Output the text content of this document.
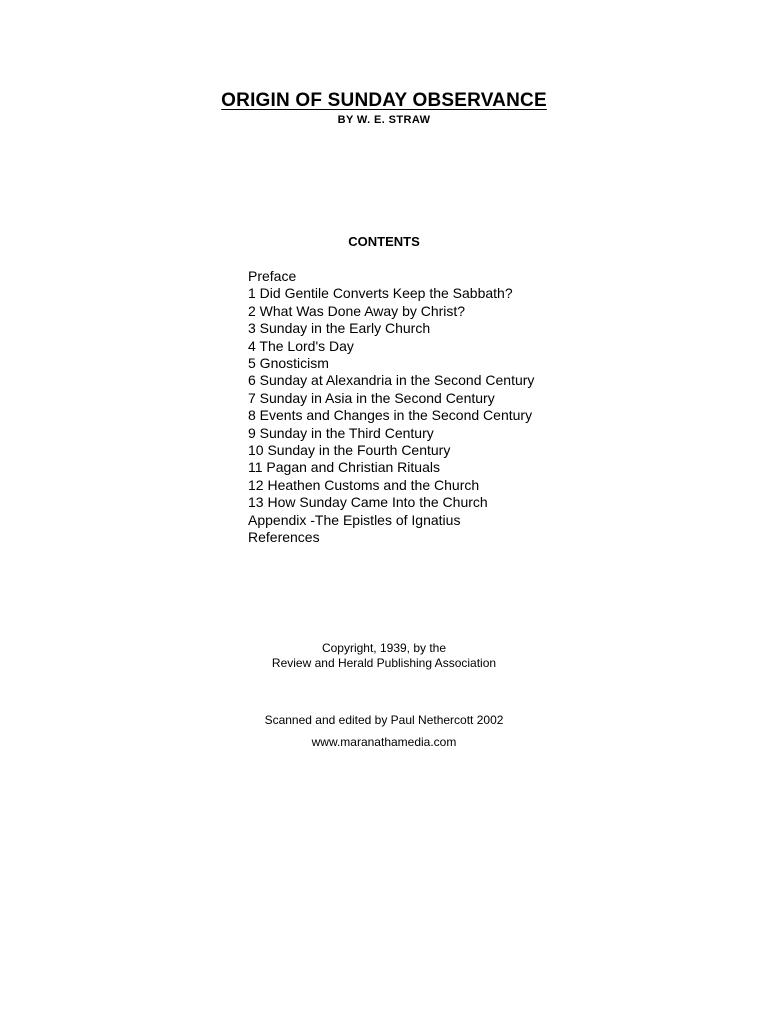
ORIGIN OF SUNDAY OBSERVANCE
BY W. E. STRAW
CONTENTS
Preface
1 Did Gentile Converts Keep the Sabbath?
2 What Was Done Away by Christ?
3 Sunday in the Early Church
4 The Lord's Day
5 Gnosticism
6 Sunday at Alexandria in the Second Century
7 Sunday in Asia in the Second Century
8 Events and Changes in the Second Century
9 Sunday in the Third Century
10 Sunday in the Fourth Century
11 Pagan and Christian Rituals
12 Heathen Customs and the Church
13 How Sunday Came Into the Church
Appendix -The Epistles of Ignatius
References
Copyright, 1939, by the
Review and Herald Publishing Association
Scanned and edited by Paul Nethercott 2002
www.maranathamedia.com
